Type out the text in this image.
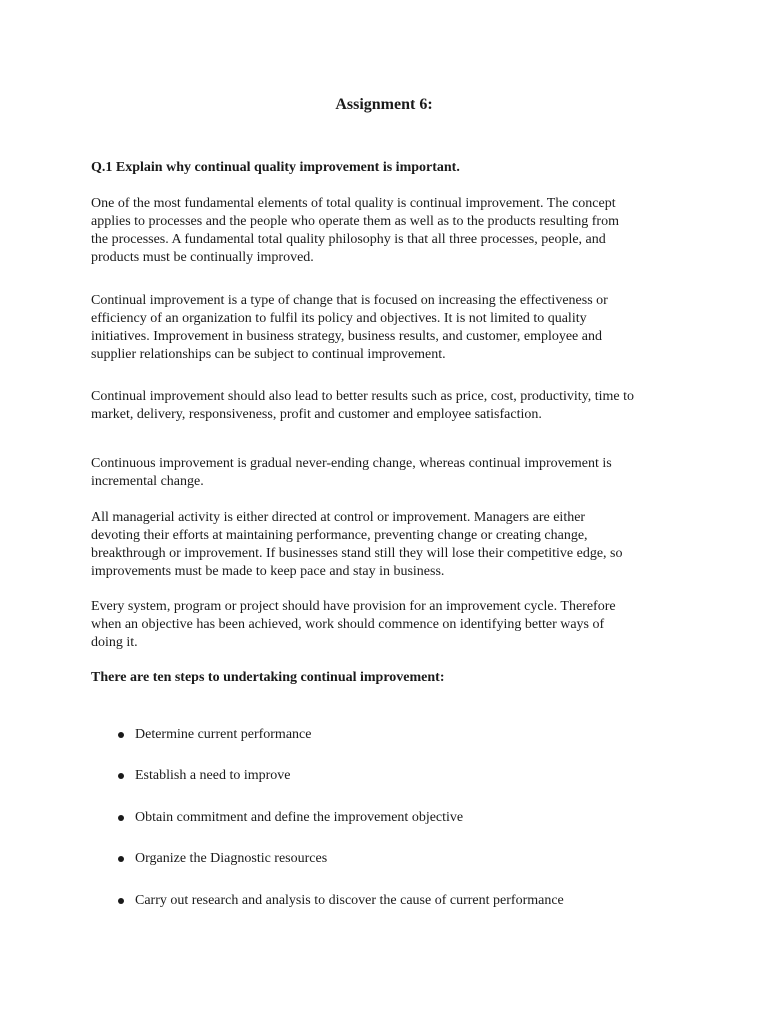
Assignment 6:
Q.1 Explain why continual quality improvement is important.

One of the most fundamental elements of total quality is continual improvement. The concept
applies to processes and the people who operate them as well as to the products resulting from
the processes. A fundamental total quality philosophy is that all three processes, people, and
products must be continually improved.

Continual improvement is a type of change that is focused on increasing the effectiveness or
efficiency of an organization to fulfil its policy and objectives. It is not limited to quality
initiatives. Improvement in business strategy, business results, and customer, employee and
supplier relationships can be subject to continual improvement.

Continual improvement should also lead to better results such as price, cost, productivity, time to
market, delivery, responsiveness, profit and customer and employee satisfaction.

Continuous improvement is gradual never-ending change, whereas continual improvement is
incremental change.

All managerial activity is either directed at control or improvement. Managers are either
devoting their efforts at maintaining performance, preventing change or creating change,
breakthrough or improvement. If businesses stand still they will lose their competitive edge, so
improvements must be made to keep pace and stay in business.

Every system, program or project should have provision for an improvement cycle. Therefore
when an objective has been achieved, work should commence on identifying better ways of
doing it.

There are ten steps to undertaking continual improvement:
Determine current performance
Establish a need to improve
Obtain commitment and define the improvement objective
Organize the Diagnostic resources
Carry out research and analysis to discover the cause of current performance
